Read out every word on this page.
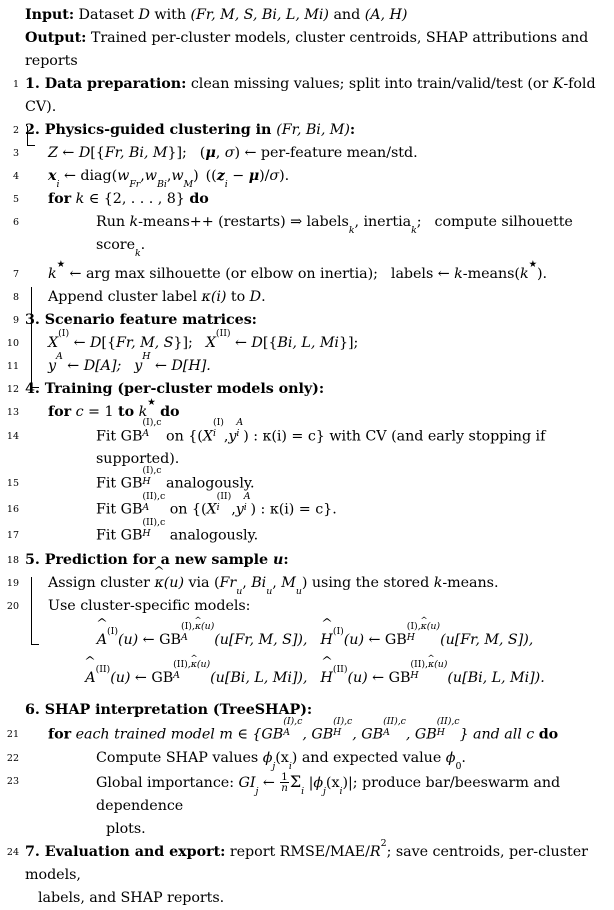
Input: Dataset D with (Fr, M, S, Bi, L, Mi) and (A, H)
Output: Trained per-cluster models, cluster centroids, SHAP attributions and reports
1 1. Data preparation: clean missing values; split into train/valid/test (or K-fold CV).
2 2. Physics-guided clustering in (Fr, Bi, M):
3	Z ← D[{Fr, Bi, M}]; (μ, σ) ← per-feature mean/std.
4	$x_i$ ← $diag(w_{Fr},w_{Bi},w_M) ((z_i - \mu)/\sigma)$.
5	for k ∈ {2, . . . , 8} do
6	Run k-means++ (restarts) ⇒ labels$_k$, inertia$_k$; compute silhouette score$_k$.
7	k★ ← arg max silhouette (or elbow on inertia); labels ← k-means(k★).
8	Append cluster label κ(i) to D.
9 3. Scenario feature matrices:
10	$X^{(I)}$ ← D[{Fr, M, S}]; $X^{(II)}$ ← D[{Bi, L, Mi}];
11	$y^A$ ← D[A]; $y^H$ ← D[H].
12 4. Training (per-cluster models only):
13	for c = 1 to k★ do
14	Fit GB
(I),c
A on {(X
(I)
i ,y
A
i ) : κ(i) = c} with CV (and early stopping if supported).
15	Fit GB
(I),c
H analogously.
16	Fit GB
(II),c
A	on {(X
(II)
i ,y
A
i ) : κ(i) = c}.
17	Fit GB
(II),c
H	analogously.
18 5. Prediction for a new sample u:
19	Assign cluster ^ κ(u) via ($Fr_u$, $Bi_u$, $M_u$) using the stored k-means.
20	Use cluster-specific models:
^ $A^{(I)}(u)$ ← GB
(I),^ κ(u)
A	(u[Fr, M, S]), ^ $H^{(I)}(u)$ ← GB
(I),^ κ(u)
H	(u[Fr, M, S]),
^ $A^{(II)}(u)$ ← GB
(II),^ κ(u)
A	(u[Bi, L, Mi]), ^ $H^{(II)}(u)$ ← GB
(II),^ κ(u)
H	(u[Bi, L, Mi]).
6. SHAP interpretation (TreeSHAP):
21	for each trained model m ∈ {GB
(I),c
A , GB
(I),c
H , GB
(II),c
A	, GB
(II),c
H	} and all c do
22	Compute SHAP values $\phi_j(x_i)$ and expected value $\phi_0$.
23	Global importance: $GI_j$ ← $\frac{1}{n} \Sigma_i$ $|\phi_j(x_i)|$; produce bar/beeswarm and dependence
plots.
24 7. Evaluation and export: report RMSE/$MAE/R^2$; save centroids, per-cluster models,
labels, and SHAP reports.
